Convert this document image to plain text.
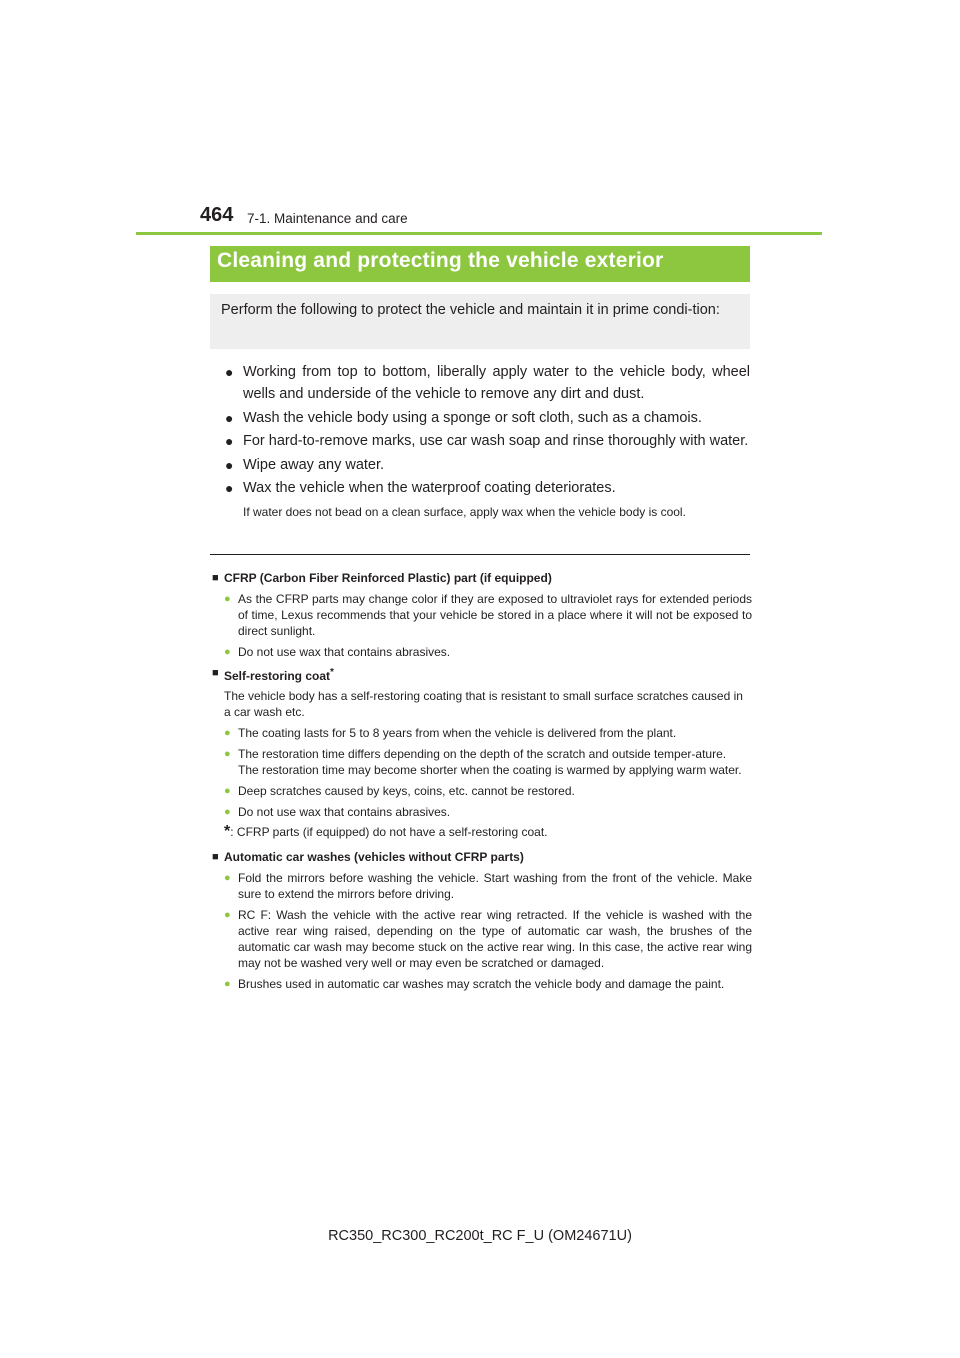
464 7-1. Maintenance and care
Cleaning and protecting the vehicle exterior
Perform the following to protect the vehicle and maintain it in prime condi-tion:
● Working from top to bottom, liberally apply water to the vehicle body, wheel wells and underside of the vehicle to remove any dirt and dust.
● Wash the vehicle body using a sponge or soft cloth, such as a chamois.
● For hard-to-remove marks, use car wash soap and rinse thoroughly with water.
● Wipe away any water.
● Wax the vehicle when the waterproof coating deteriorates.
If water does not bead on a clean surface, apply wax when the vehicle body is cool.
■ CFRP (Carbon Fiber Reinforced Plastic) part (if equipped)
● As the CFRP parts may change color if they are exposed to ultraviolet rays for extended periods of time, Lexus recommends that your vehicle be stored in a place where it will not be exposed to direct sunlight.
● Do not use wax that contains abrasives.
■ Self-restoring coat*
The vehicle body has a self-restoring coating that is resistant to small surface scratches caused in a car wash etc.
● The coating lasts for 5 to 8 years from when the vehicle is delivered from the plant.
● The restoration time differs depending on the depth of the scratch and outside temper-ature.
The restoration time may become shorter when the coating is warmed by applying warm water.
● Deep scratches caused by keys, coins, etc. cannot be restored.
● Do not use wax that contains abrasives.
*: CFRP parts (if equipped) do not have a self-restoring coat.
■ Automatic car washes (vehicles without CFRP parts)
● Fold the mirrors before washing the vehicle. Start washing from the front of the vehicle. Make sure to extend the mirrors before driving.
● RC F: Wash the vehicle with the active rear wing retracted. If the vehicle is washed with the active rear wing raised, depending on the type of automatic car wash, the brushes of the automatic car wash may become stuck on the active rear wing. In this case, the active rear wing may not be washed very well or may even be scratched or damaged.
● Brushes used in automatic car washes may scratch the vehicle body and damage the paint.
RC350_RC300_RC200t_RC F_U (OM24671U)
